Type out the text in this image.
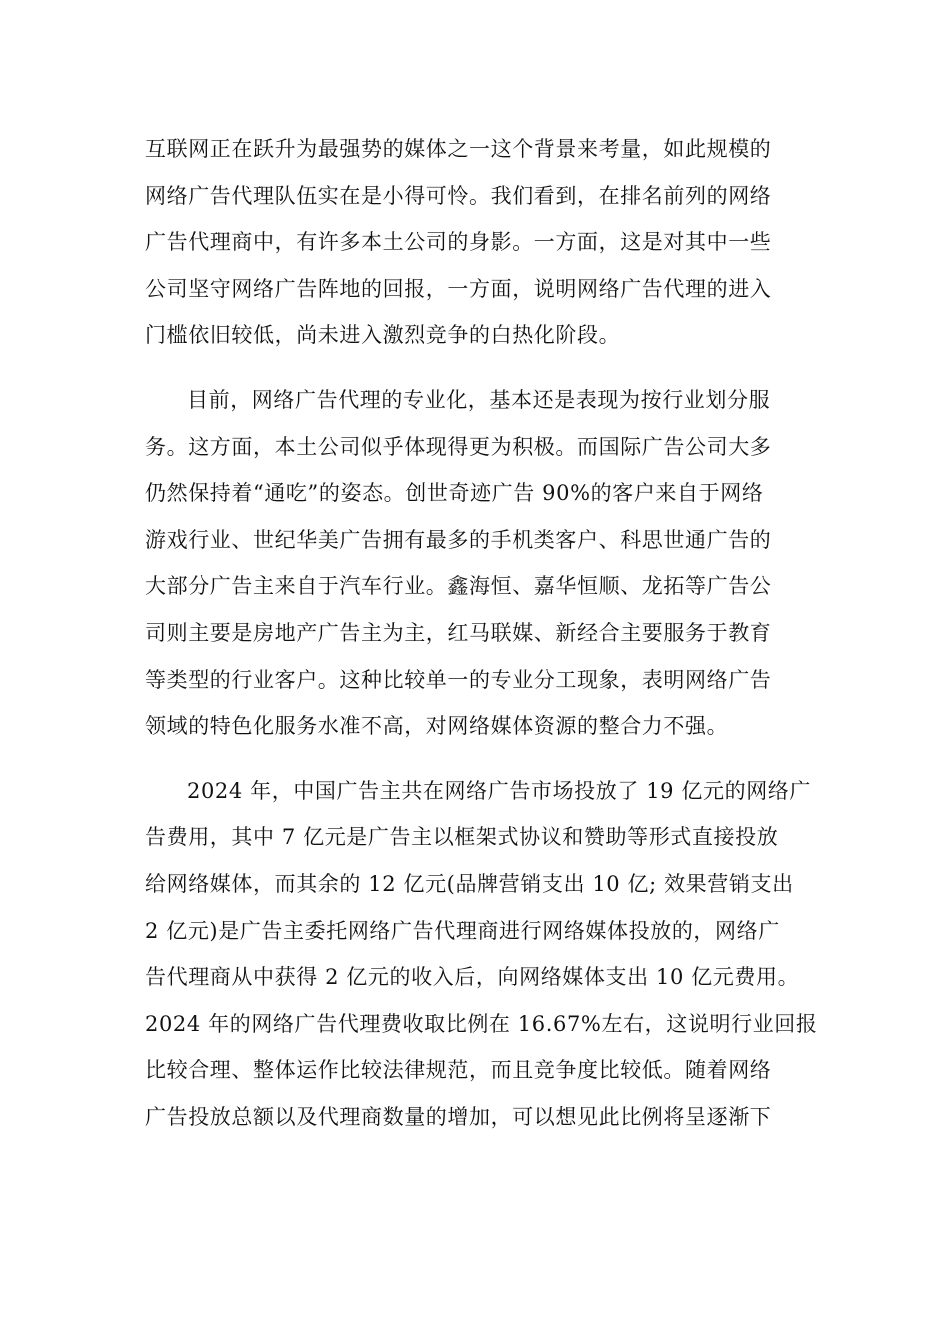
互联网正在跃升为最强势的媒体之一这个背景来考量，如此规模的
网络广告代理队伍实在是小得可怜。我们看到，在排名前列的网络
广告代理商中，有许多本土公司的身影。一方面，这是对其中一些
公司坚守网络广告阵地的回报，一方面，说明网络广告代理的进入
门槛依旧较低，尚未进入激烈竞争的白热化阶段。
目前，网络广告代理的专业化，基本还是表现为按行业划分服
务。这方面，本土公司似乎体现得更为积极。而国际广告公司大多
仍然保持着“通吃”的姿态。创世奇迹广告 90%的客户来自于网络
游戏行业、世纪华美广告拥有最多的手机类客户、科思世通广告的
大部分广告主来自于汽车行业。鑫海恒、嘉华恒顺、龙拓等广告公
司则主要是房地产广告主为主，红马联媒、新经合主要服务于教育
等类型的行业客户。这种比较单一的专业分工现象，表明网络广告
领域的特色化服务水准不高，对网络媒体资源的整合力不强。
2024 年，中国广告主共在网络广告市场投放了 19 亿元的网络广
告费用，其中 7 亿元是广告主以框架式协议和赞助等形式直接投放
给网络媒体，而其余的 12 亿元(品牌营销支出 10 亿; 效果营销支出
2 亿元)是广告主委托网络广告代理商进行网络媒体投放的，网络广
告代理商从中获得 2 亿元的收入后，向网络媒体支出 10 亿元费用。
2024 年的网络广告代理费收取比例在 16.67%左右，这说明行业回报
比较合理、整体运作比较法律规范，而且竞争度比较低。随着网络
广告投放总额以及代理商数量的增加，可以想见此比例将呈逐渐下
